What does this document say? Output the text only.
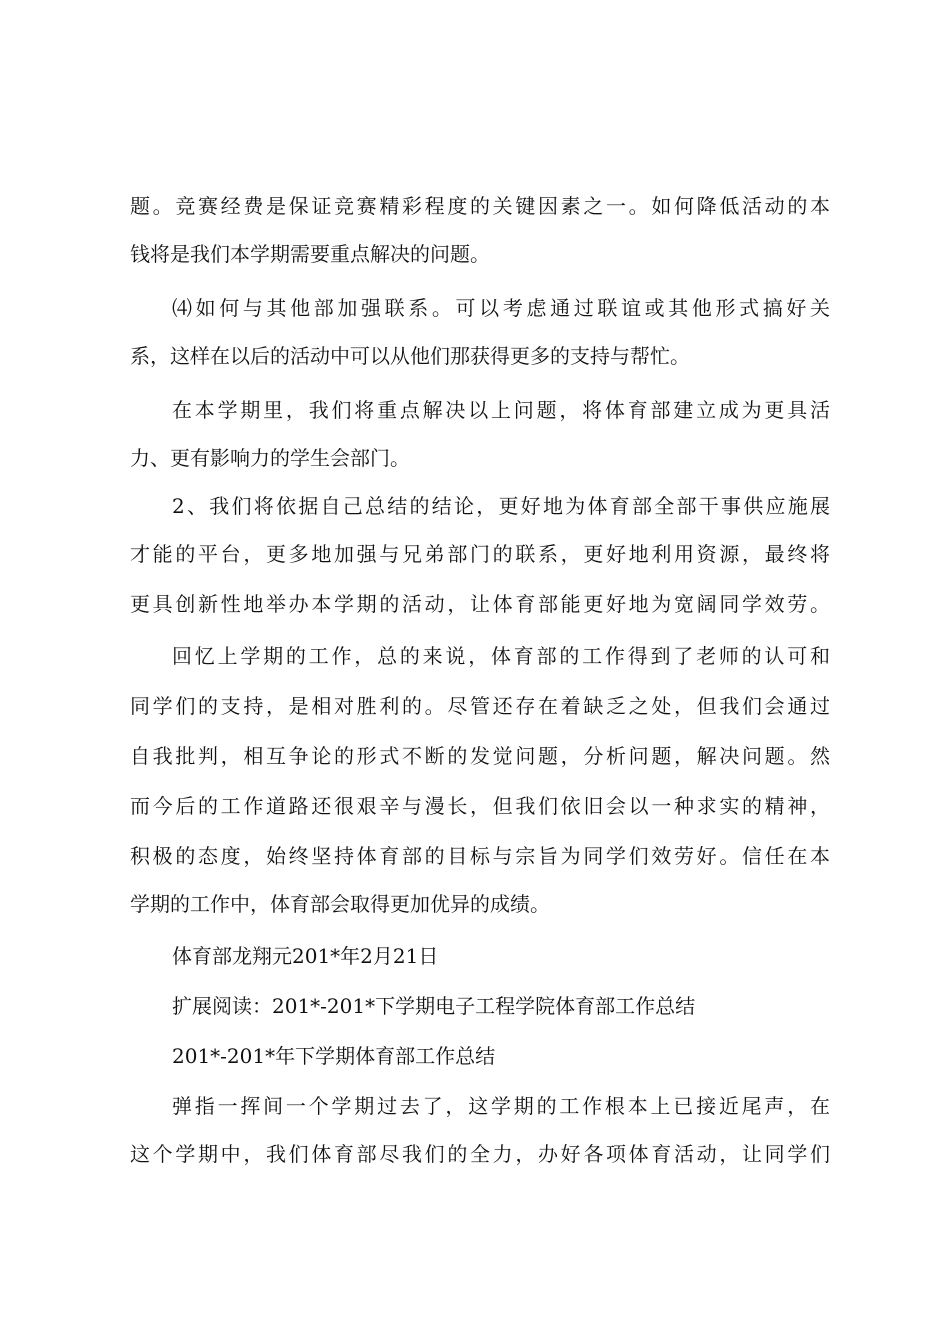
题。竞赛经费是保证竞赛精彩程度的关键因素之一。如何降低活动的本
钱将是我们本学期需要重点解决的问题。
⑷如何与其他部加强联系。可以考虑通过联谊或其他形式搞好关
系，这样在以后的活动中可以从他们那获得更多的支持与帮忙。
在本学期里，我们将重点解决以上问题，将体育部建立成为更具活
力、更有影响力的学生会部门。
2、我们将依据自己总结的结论，更好地为体育部全部干事供应施展
才能的平台，更多地加强与兄弟部门的联系，更好地利用资源，最终将
更具创新性地举办本学期的活动，让体育部能更好地为宽阔同学效劳。
回忆上学期的工作，总的来说，体育部的工作得到了老师的认可和
同学们的支持，是相对胜利的。尽管还存在着缺乏之处，但我们会通过
自我批判，相互争论的形式不断的发觉问题，分析问题，解决问题。然
而今后的工作道路还很艰辛与漫长，但我们依旧会以一种求实的精神，
积极的态度，始终坚持体育部的目标与宗旨为同学们效劳好。信任在本
学期的工作中，体育部会取得更加优异的成绩。
体育部龙翔元201*年2月21日
扩展阅读：201*-201*下学期电子工程学院体育部工作总结
201*-201*年下学期体育部工作总结
弹指一挥间一个学期过去了，这学期的工作根本上已接近尾声，在
这个学期中，我们体育部尽我们的全力，办好各项体育活动，让同学们
